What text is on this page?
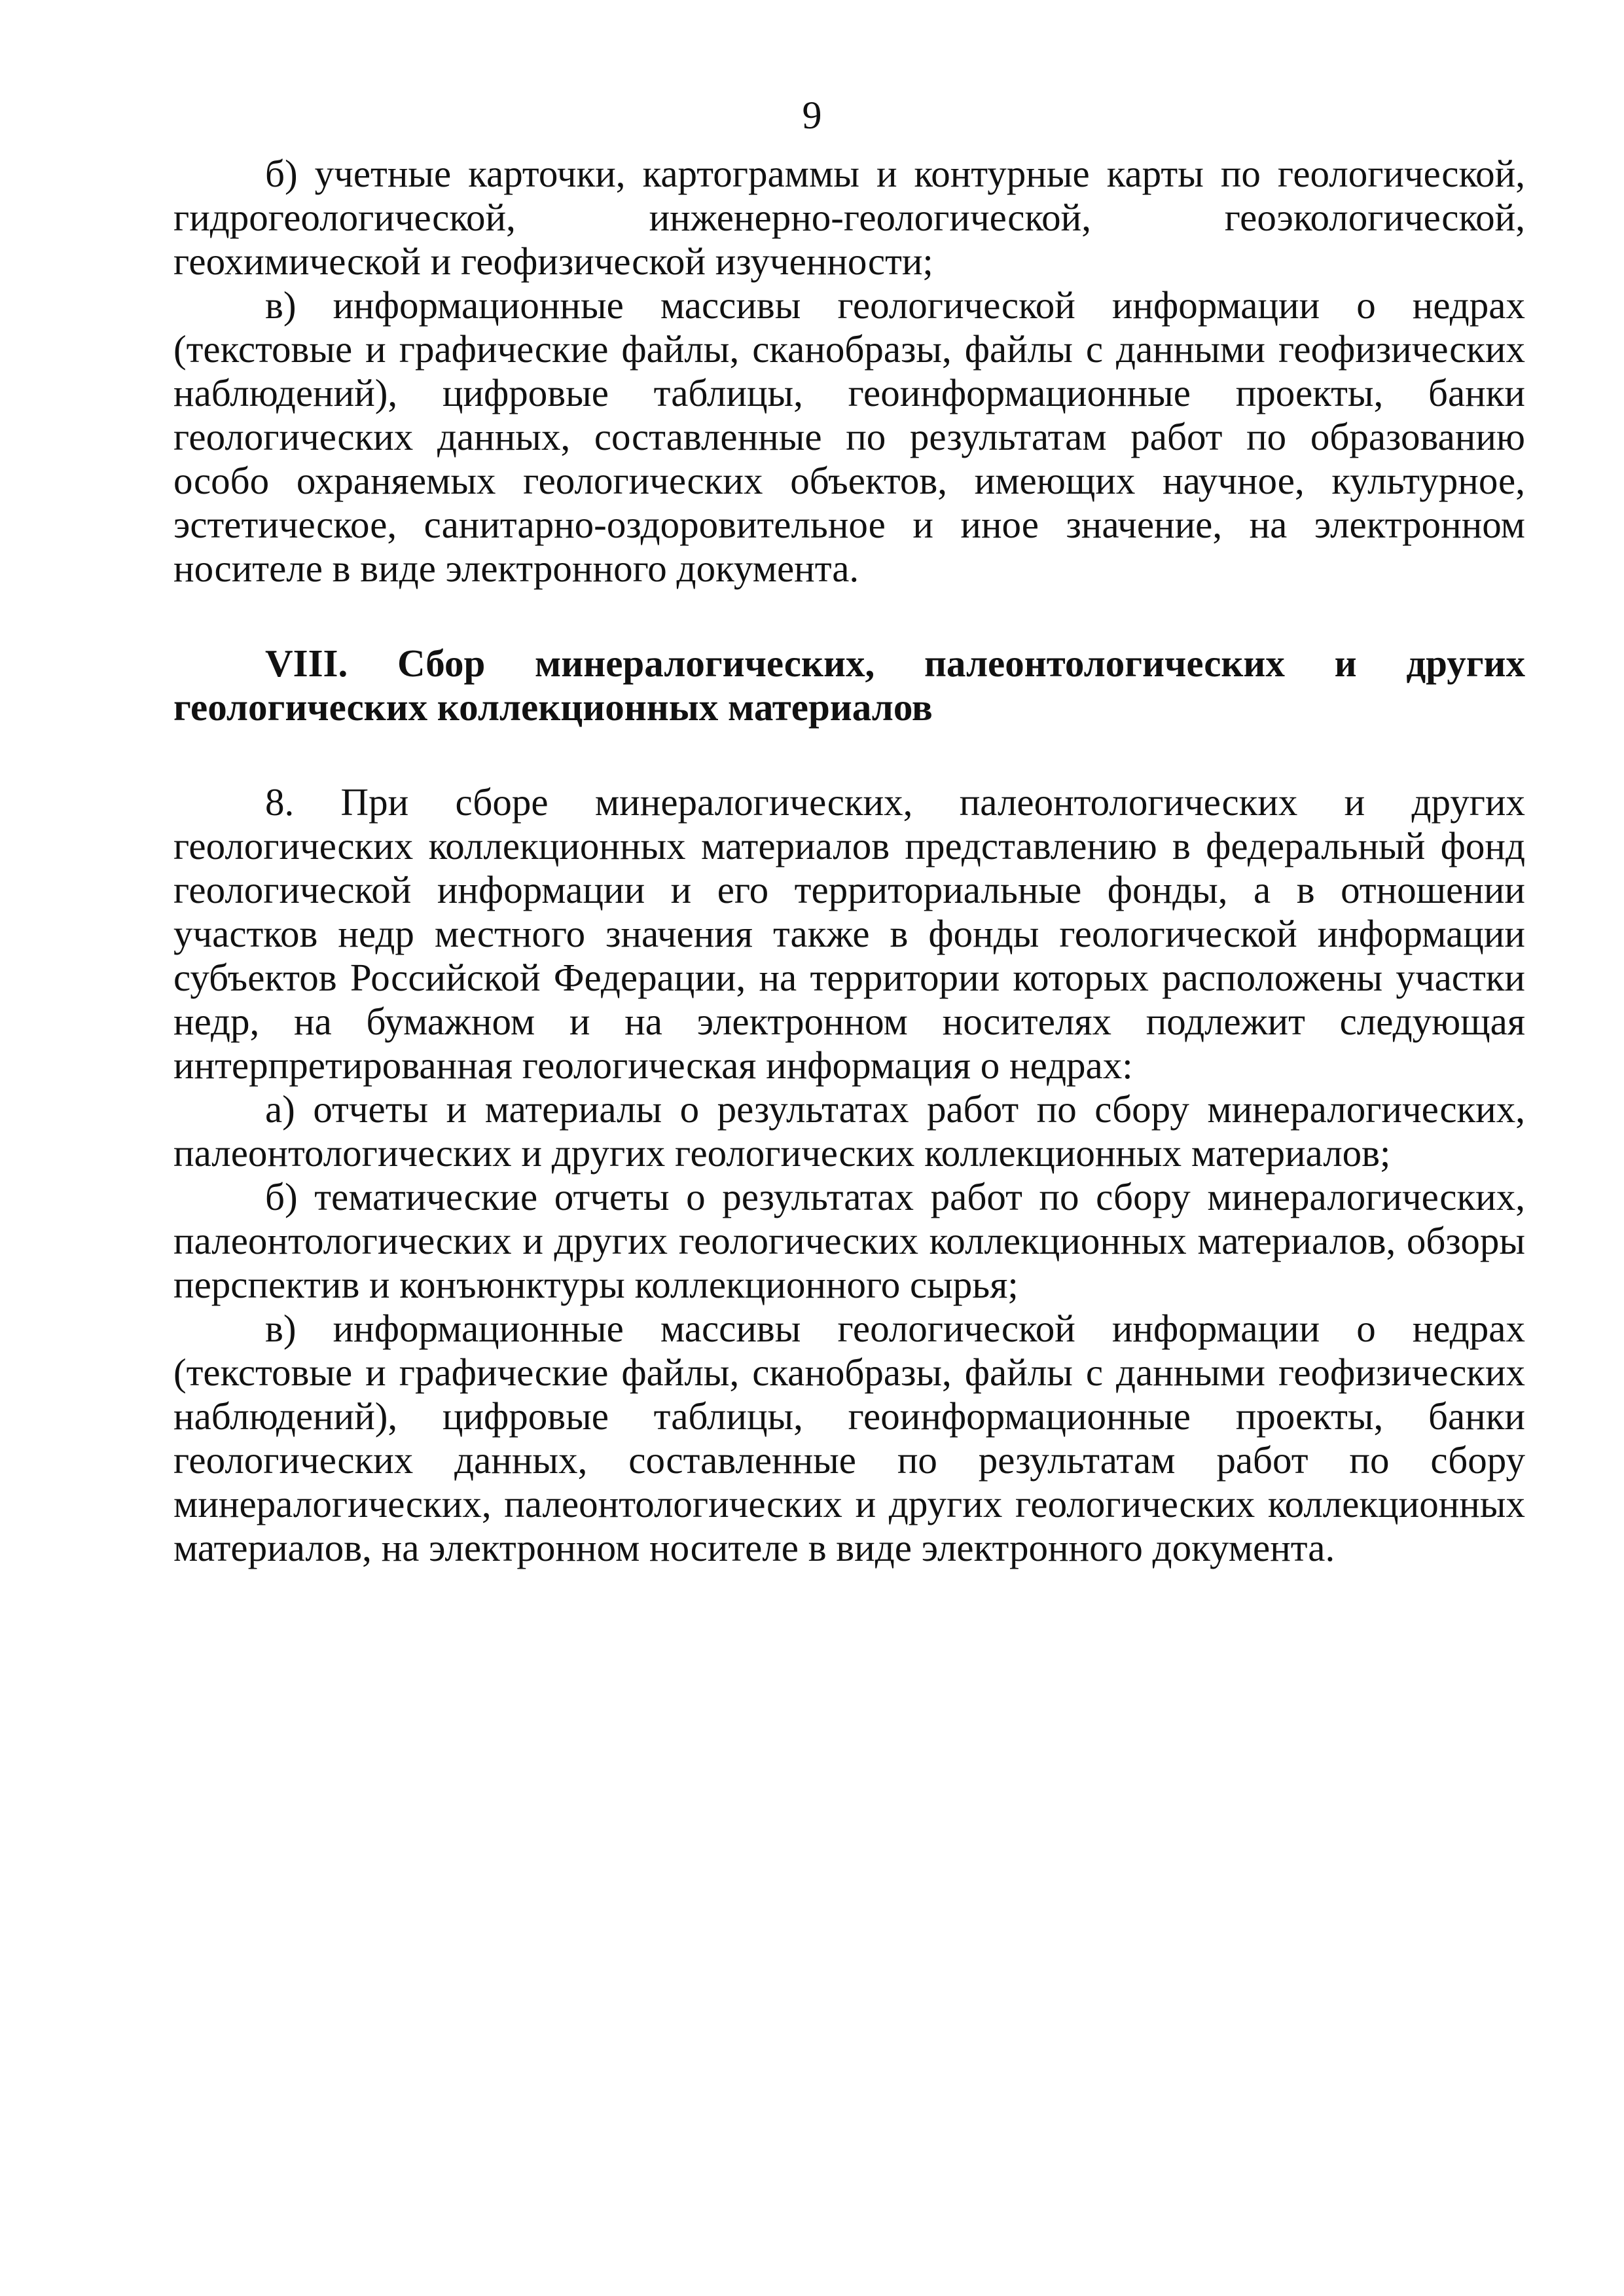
9

б) учетные карточки, картограммы и контурные карты по геологической, гидрогеологической, инженерно-геологической, геоэкологической, геохимической и геофизической изученности;

в) информационные массивы геологической информации о недрах (текстовые и графические файлы, сканобразы, файлы с данными геофизических наблюдений), цифровые таблицы, геоинформационные проекты, банки геологических данных, составленные по результатам работ по образованию особо охраняемых геологических объектов, имеющих научное, культурное, эстетическое, санитарно-оздоровительное и иное значение, на электронном носителе в виде электронного документа.

VIII. Сбор минералогических, палеонтологических и других геологических коллекционных материалов

8. При сборе минералогических, палеонтологических и других геологических коллекционных материалов представлению в федеральный фонд геологической информации и его территориальные фонды, а в отношении участков недр местного значения также в фонды геологической информации субъектов Российской Федерации, на территории которых расположены участки недр, на бумажном и на электронном носителях подлежит следующая интерпретированная геологическая информация о недрах:

а) отчеты и материалы о результатах работ по сбору минералогических, палеонтологических и других геологических коллекционных материалов;

б) тематические отчеты о результатах работ по сбору минералогических, палеонтологических и других геологических коллекционных материалов, обзоры перспектив и конъюнктуры коллекционного сырья;

в) информационные массивы геологической информации о недрах (текстовые и графические файлы, сканобразы, файлы с данными геофизических наблюдений), цифровые таблицы, геоинформационные проекты, банки геологических данных, составленные по результатам работ по сбору минералогических, палеонтологических и других геологических коллекционных материалов, на электронном носителе в виде электронного документа.
